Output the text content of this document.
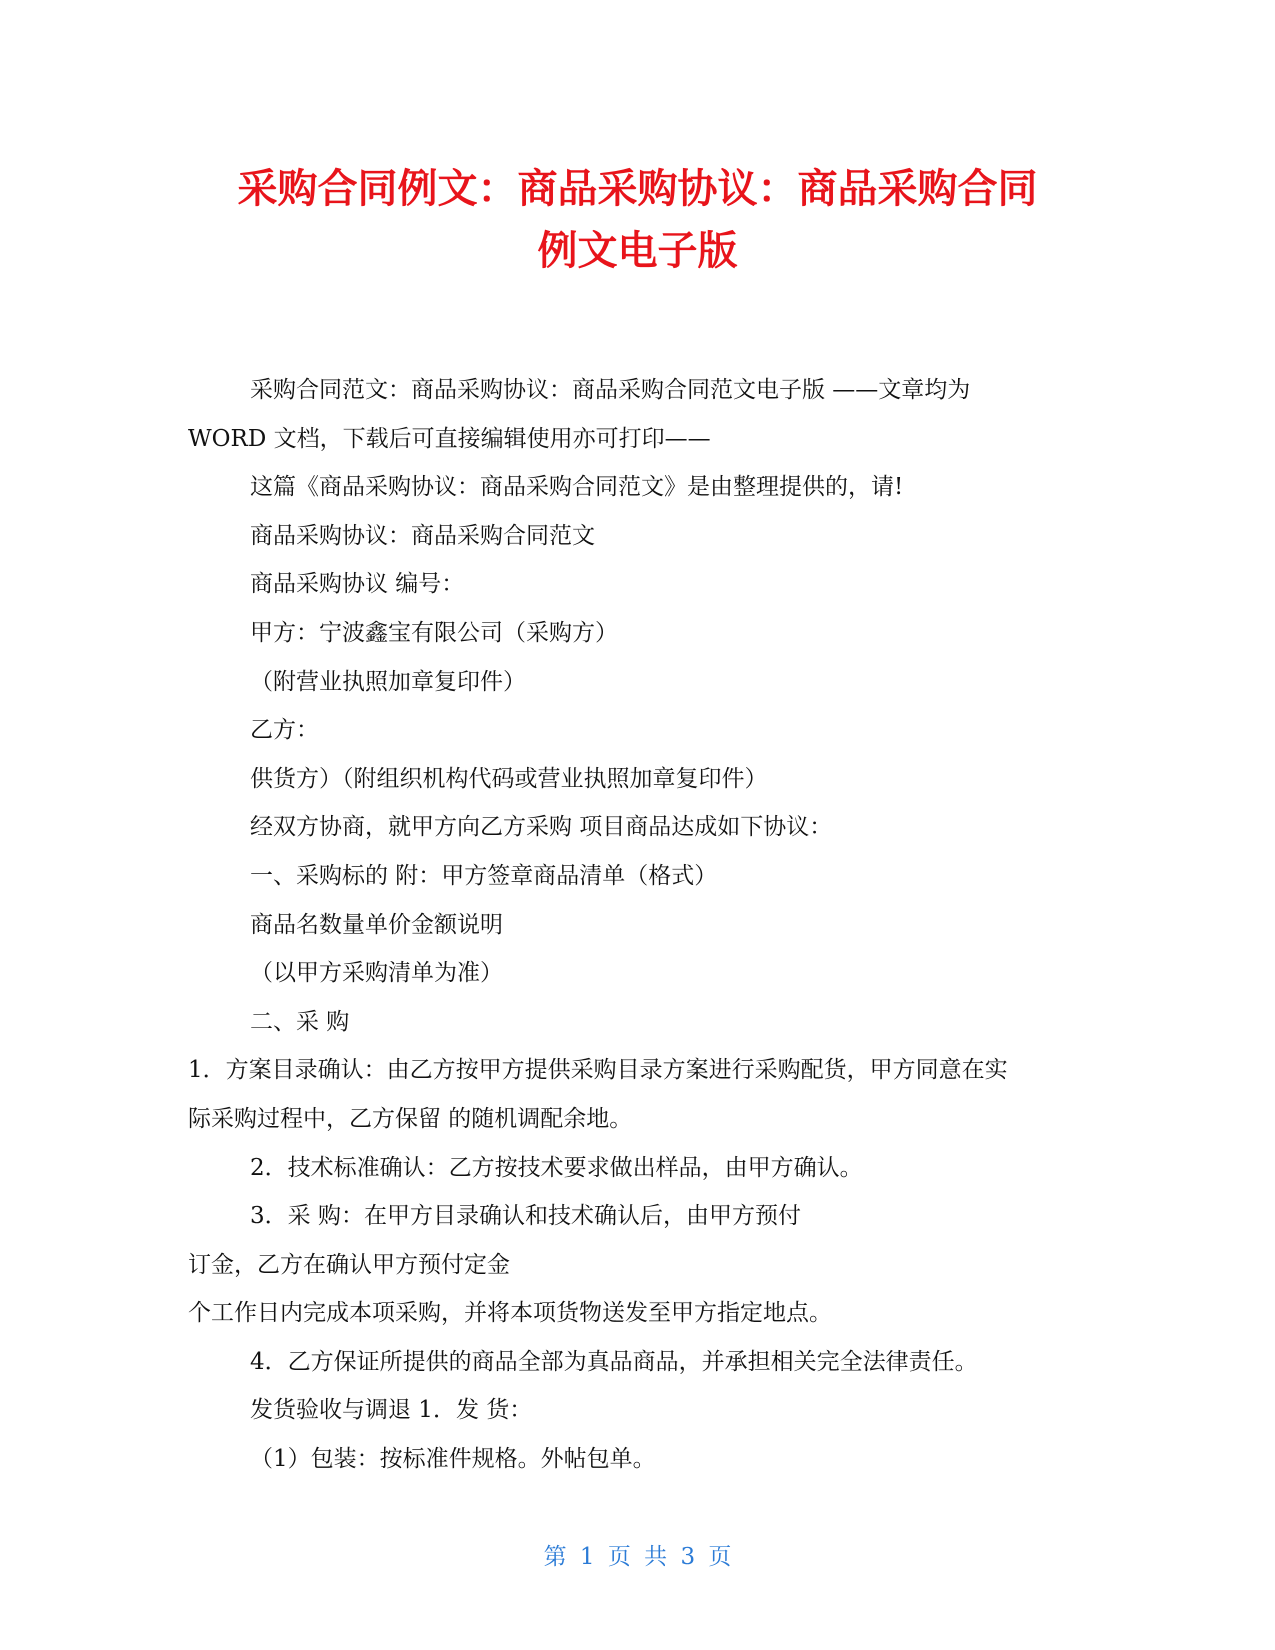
采购合同例文：商品采购协议：商品采购合同
例文电子版

采购合同范文：商品采购协议：商品采购合同范文电子版 ——文章均为

WORD 文档，下载后可直接编辑使用亦可打印——

这篇《商品采购协议：商品采购合同范文》是由整理提供的，请!

商品采购协议：商品采购合同范文

商品采购协议 编号：

甲方：宁波鑫宝有限公司（采购方）

（附营业执照加章复印件）

乙方：

供货方）（附组织机构代码或营业执照加章复印件）

经双方协商，就甲方向乙方采购 项目商品达成如下协议：

一、采购标的 附：甲方签章商品清单（格式）

商品名数量单价金额说明

（以甲方采购清单为准）

二、采 购

1．方案目录确认：由乙方按甲方提供采购目录方案进行采购配货，甲方同意在实

际采购过程中，乙方保留 的随机调配余地。

2．技术标准确认：乙方按技术要求做出样品，由甲方确认。

3．采 购：在甲方目录确认和技术确认后，由甲方预付

订金，乙方在确认甲方预付定金

个工作日内完成本项采购，并将本项货物送发至甲方指定地点。

4．乙方保证所提供的商品全部为真品商品，并承担相关完全法律责任。

发货验收与调退 1．发 货：

（1）包装：按标准件规格。外帖包单。

第 1 页 共 3 页
